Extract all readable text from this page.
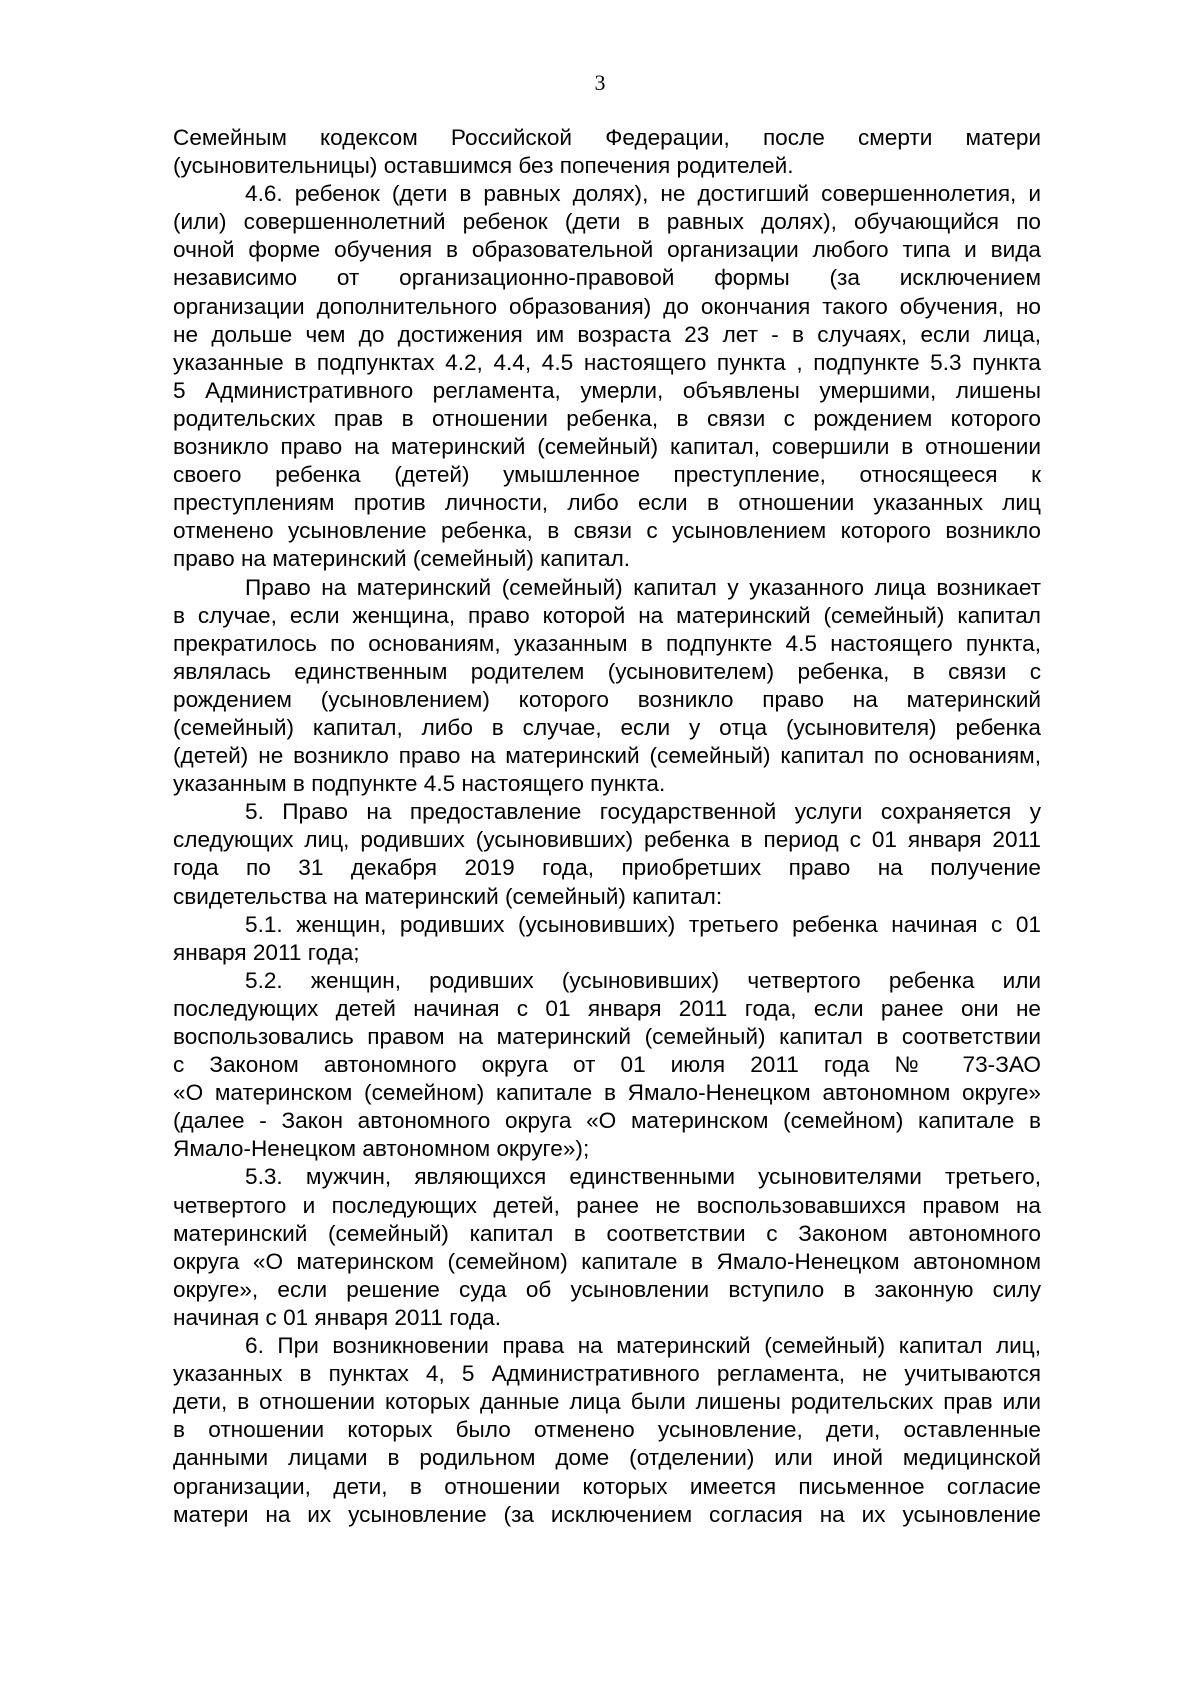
3
Семейным кодексом Российской Федерации, после смерти матери
(усыновительницы) оставшимся без попечения родителей.
4.6. ребенок (дети в равных долях), не достигший совершеннолетия, и
(или) совершеннолетний ребенок (дети в равных долях), обучающийся по
очной форме обучения в образовательной организации любого типа и вида
независимо от организационно-правовой формы (за исключением
организации дополнительного образования) до окончания такого обучения, но
не дольше чем до достижения им возраста 23 лет - в случаях, если лица,
указанные в подпунктах 4.2, 4.4, 4.5 настоящего пункта , подпункте 5.3 пункта
5 Административного регламента, умерли, объявлены умершими, лишены
родительских прав в отношении ребенка, в связи с рождением которого
возникло право на материнский (семейный) капитал, совершили в отношении
своего ребенка (детей) умышленное преступление, относящееся к
преступлениям против личности, либо если в отношении указанных лиц
отменено усыновление ребенка, в связи с усыновлением которого возникло
право на материнский (семейный) капитал.
Право на материнский (семейный) капитал у указанного лица возникает
в случае, если женщина, право которой на материнский (семейный) капитал
прекратилось по основаниям, указанным в подпункте 4.5 настоящего пункта,
являлась единственным родителем (усыновителем) ребенка, в связи с
рождением (усыновлением) которого возникло право на материнский
(семейный) капитал, либо в случае, если у отца (усыновителя) ребенка
(детей) не возникло право на материнский (семейный) капитал по основаниям,
указанным в подпункте 4.5 настоящего пункта.
5. Право на предоставление государственной услуги сохраняется у
следующих лиц, родивших (усыновивших) ребенка в период с 01 января 2011
года по 31 декабря 2019 года, приобретших право на получение
свидетельства на материнский (семейный) капитал:
5.1. женщин, родивших (усыновивших) третьего ребенка начиная с 01
января 2011 года;
5.2. женщин, родивших (усыновивших) четвертого ребенка или
последующих детей начиная с 01 января 2011 года, если ранее они не
воспользовались правом на материнский (семейный) капитал в соответствии
с Законом автономного округа от 01 июля 2011 года № 73-ЗАО
«О материнском (семейном) капитале в Ямало-Ненецком автономном округе»
(далее - Закон автономного округа «О материнском (семейном) капитале в
Ямало-Ненецком автономном округе»);
5.3. мужчин, являющихся единственными усыновителями третьего,
четвертого и последующих детей, ранее не воспользовавшихся правом на
материнский (семейный) капитал в соответствии с Законом автономного
округа «О материнском (семейном) капитале в Ямало-Ненецком автономном
округе», если решение суда об усыновлении вступило в законную силу
начиная с 01 января 2011 года.
6. При возникновении права на материнский (семейный) капитал лиц,
указанных в пунктах 4, 5 Административного регламента, не учитываются
дети, в отношении которых данные лица были лишены родительских прав или
в отношении которых было отменено усыновление, дети, оставленные
данными лицами в родильном доме (отделении) или иной медицинской
организации, дети, в отношении которых имеется письменное согласие
матери на их усыновление (за исключением согласия на их усыновление
